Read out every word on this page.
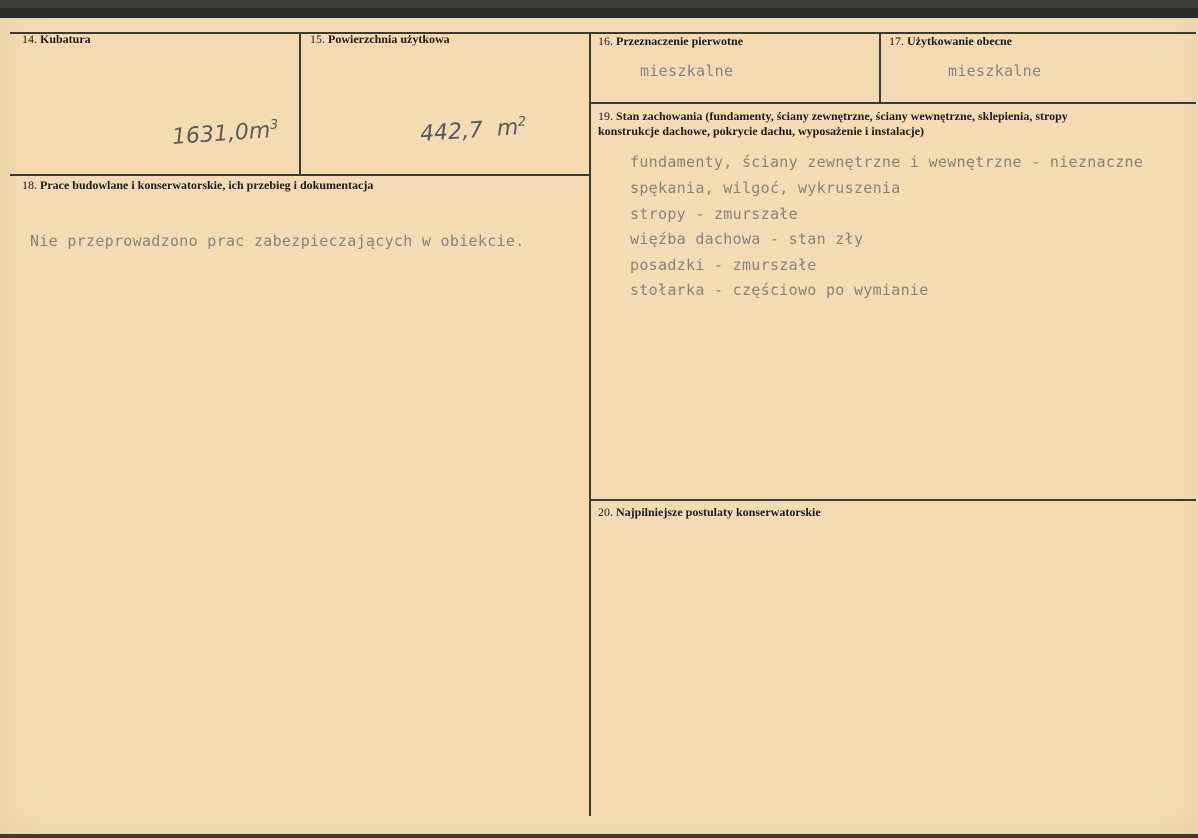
14. Kubatura
$1631,0m^3$
15. Powierzchnia użytkowa
442,7  $m^2$
16. Przeznaczenie pierwotne
mieszkalne
17. Użytkowanie obecne
mieszkalne
18. Prace budowlane i konserwatorskie, ich przebieg i dokumentacja
Nie przeprowadzono prac zabezpieczających w obiekcie.
19. Stan zachowania (fundamenty, ściany zewnętrzne, ściany wewnętrzne, sklepienia, stropy
konstrukcje dachowe, pokrycie dachu, wyposażenie i instalacje)
fundamenty, ściany zewnętrzne i wewnętrzne - nieznaczne
spękania, wilgoć, wykruszenia
stropy - zmurszałe
więźba dachowa - stan zły
posadzki - zmurszałe
stołarka - częściowo po wymianie
20. Najpilniejsze postulaty konserwatorskie
